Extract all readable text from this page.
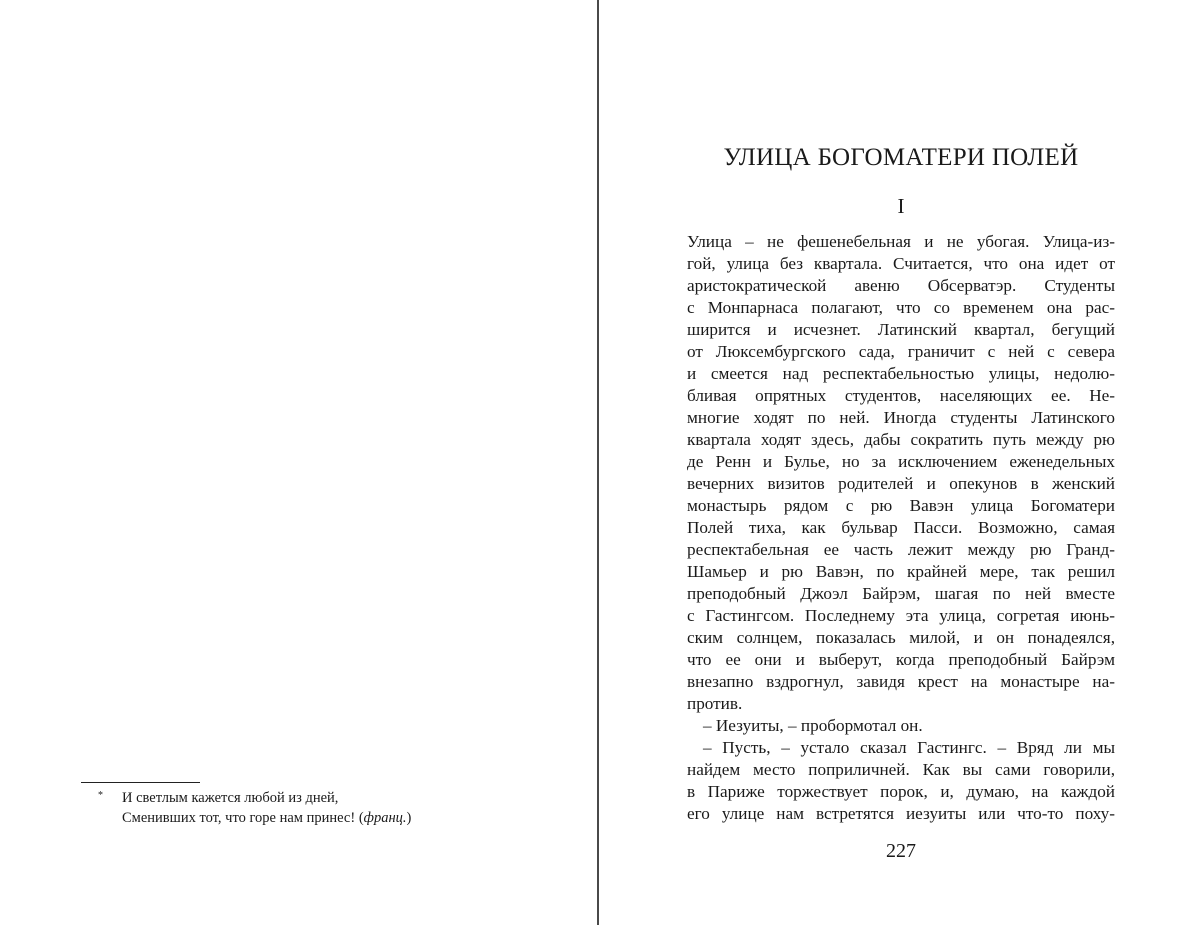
*	И светлым кажется любой из дней,
Сменивших тот, что горе нам принес! (франц.)
УЛИЦА БОГОМАТЕРИ ПОЛЕЙ
I
Улица – не фешенебельная и не убогая. Улица-из-
гой, улица без квартала. Считается, что она идет от
аристократической авеню Обсерватэр. Студенты
с Монпарнаса полагают, что со временем она рас-
ширится и исчезнет. Латинский квартал, бегущий
от Люксембургского сада, граничит с ней с севера
и смеется над респектабельностью улицы, недолю-
бливая опрятных студентов, населяющих ее. Не-
многие ходят по ней. Иногда студенты Латинского
квартала ходят здесь, дабы сократить путь между рю
де Ренн и Булье, но за исключением еженедельных
вечерних визитов родителей и опекунов в женский
монастырь рядом с рю Вавэн улица Богоматери
Полей тиха, как бульвар Пасси. Возможно, самая
респектабельная ее часть лежит между рю Гранд-
Шамьер и рю Вавэн, по крайней мере, так решил
преподобный Джоэл Байрэм, шагая по ней вместе
с Гастингсом. Последнему эта улица, согретая июнь-
ским солнцем, показалась милой, и он понадеялся,
что ее они и выберут, когда преподобный Байрэм
внезапно вздрогнул, завидя крест на монастыре на-
против.
– Иезуиты, – пробормотал он.
– Пусть, – устало сказал Гастингс. – Вряд ли мы
найдем место поприличней. Как вы сами говорили,
в Париже торжествует порок, и, думаю, на каждой
его улице нам встретятся иезуиты или что-то поху-
227
